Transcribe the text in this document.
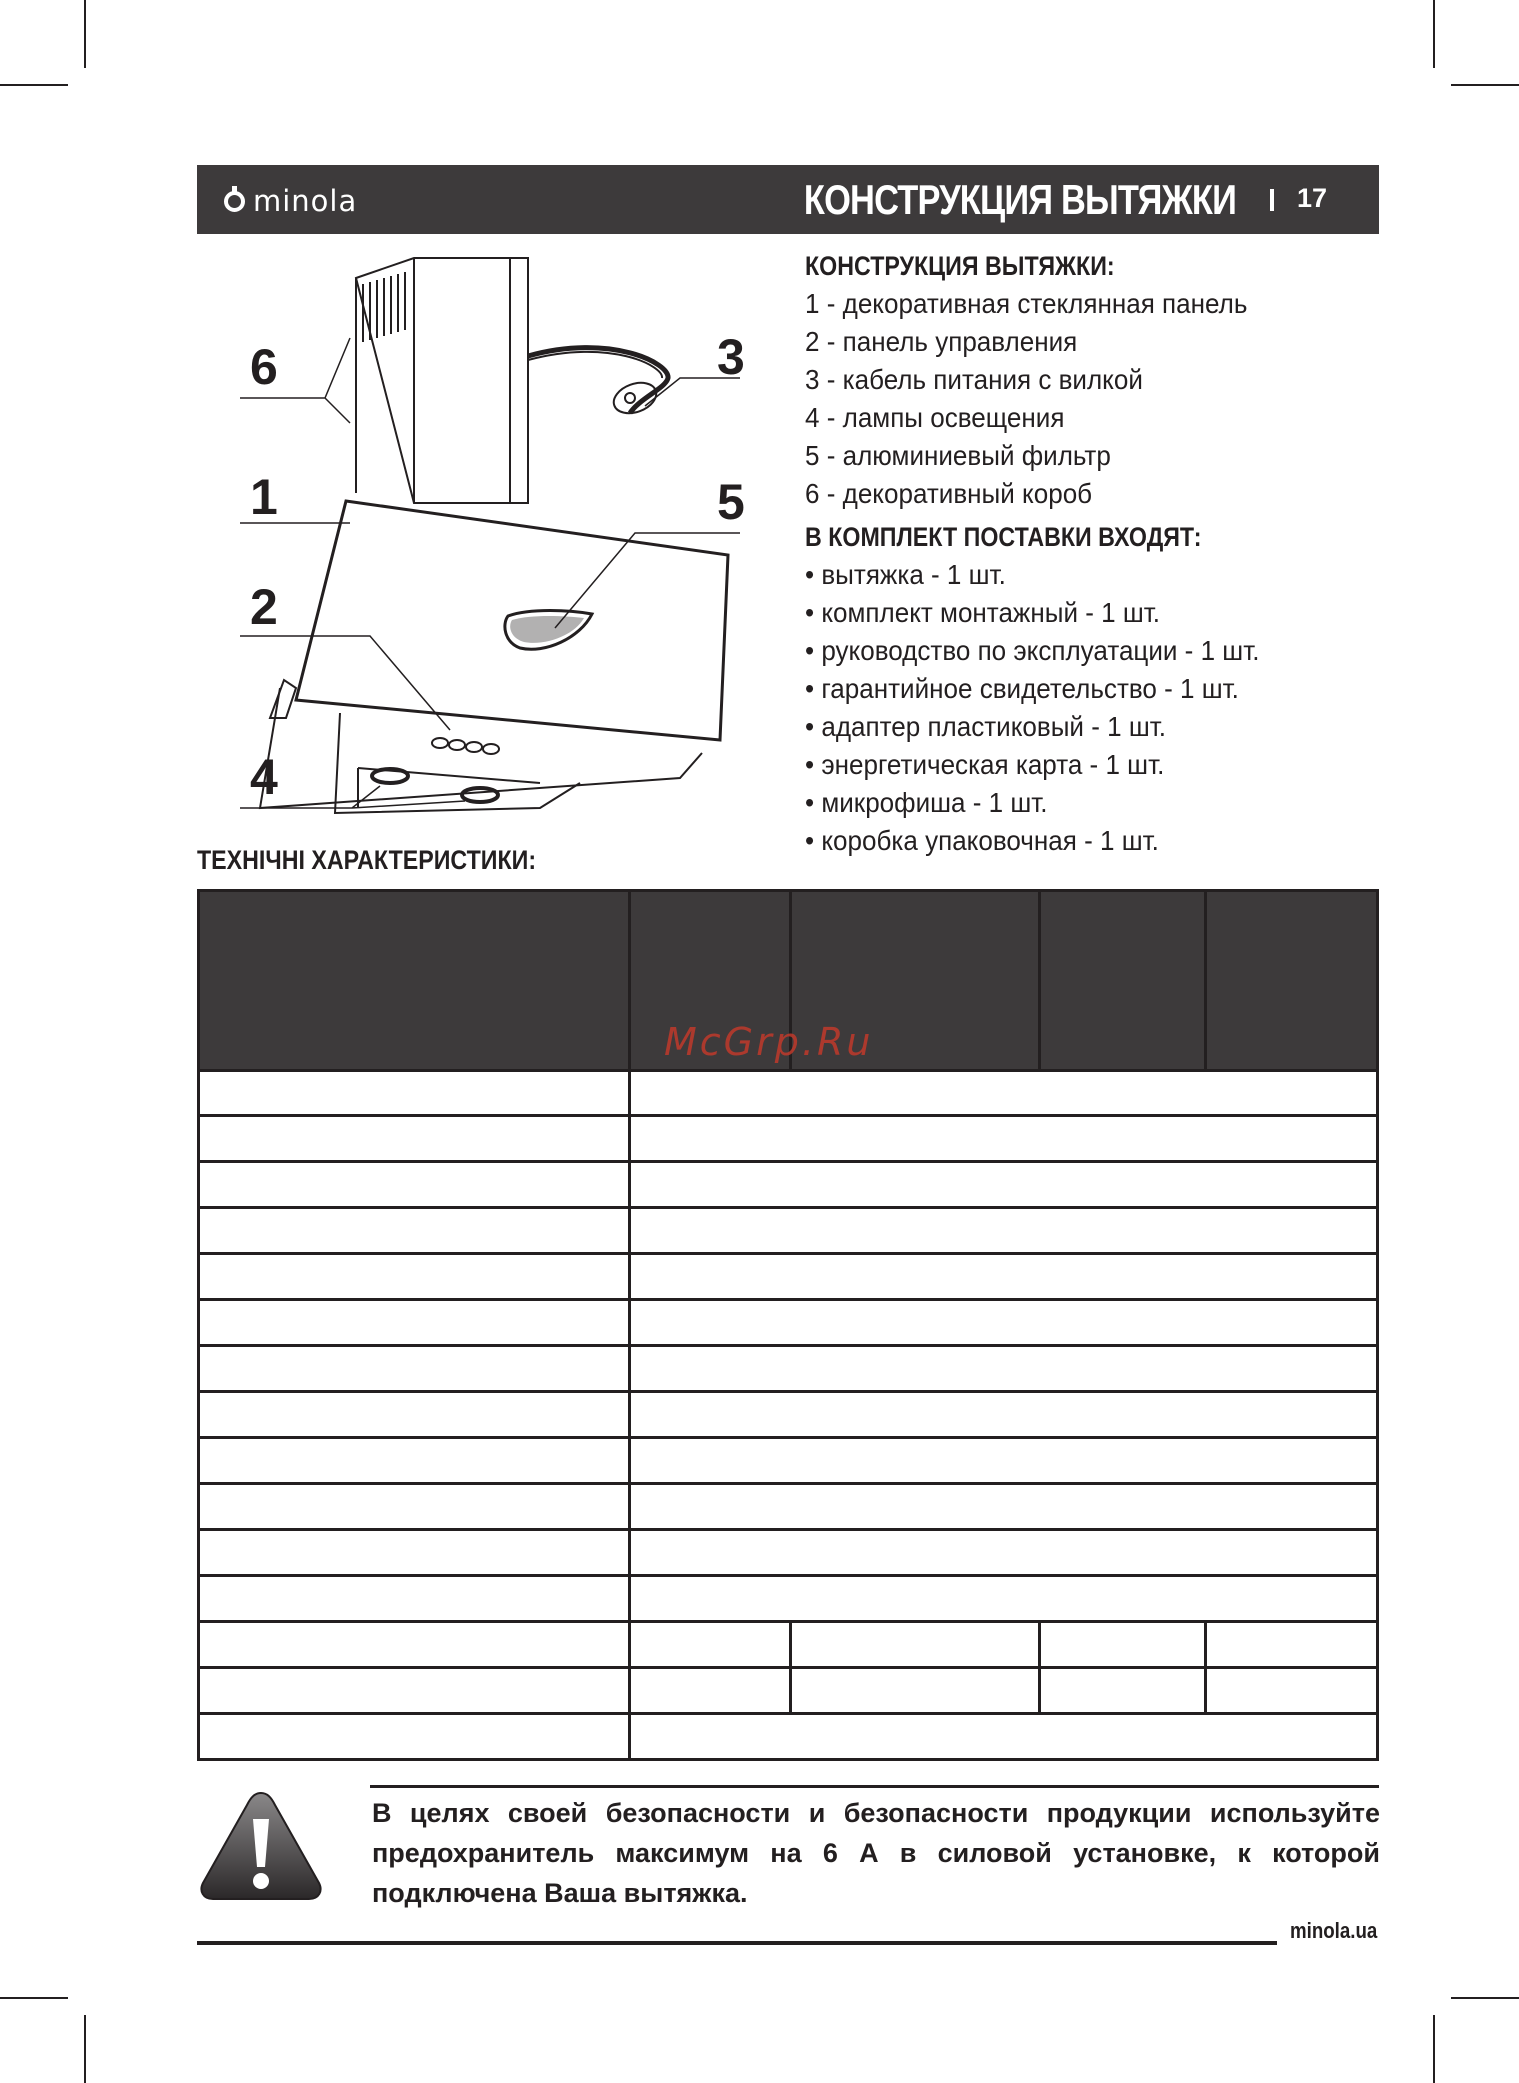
minola	КОНСТРУКЦИЯ ВЫТЯЖКИ 17
6
1
2
4
3
5
КОНСТРУКЦИЯ ВЫТЯЖКИ:
1 - декоративная стеклянная панель
2 - панель управления
3 - кабель питания с вилкой
4 - лампы освещения
5 - алюминиевый фильтр
6 - декоративный короб
В КОМПЛЕКТ ПОСТАВКИ ВХОДЯТ:
• вытяжка - 1 шт.
• комплект монтажный - 1 шт.
• руководство по эксплуатации - 1 шт.
• гарантийное свидетельство - 1 шт.
• адаптер пластиковый - 1 шт.
• энергетическая карта - 1 шт.
• микрофиша - 1 шт.
• коробка упаковочная - 1 шт.
ТЕХНІЧНІ ХАРАКТЕРИСТИКИ:
McGrp.Ru
В целях своей безопасности и безопасности продукции используйте предохранитель максимум на 6 А в силовой установке, к которой подключена Ваша вытяжка.
minola.ua
